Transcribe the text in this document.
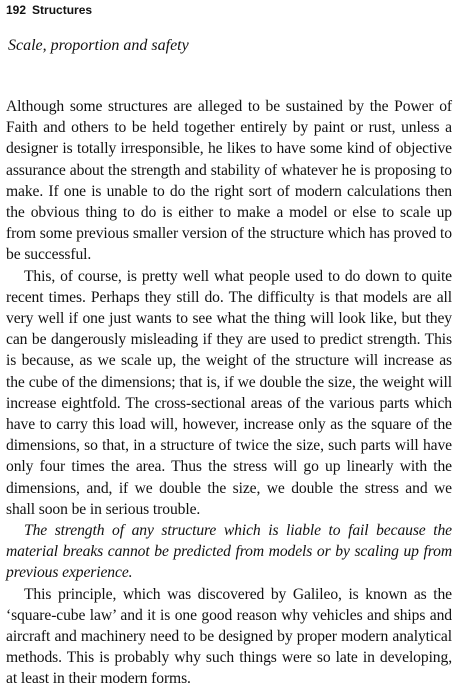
192 Structures
Scale, proportion and safety

Although some structures are alleged to be sustained by the Power of Faith and others to be held together entirely by paint or rust, unless a designer is totally irresponsible, he likes to have some kind of objective assurance about the strength and stability of whatever he is proposing to make. If one is unable to do the right sort of modern calculations then the obvious thing to do is either to make a model or else to scale up from some previous smaller version of the structure which has proved to be successful.

This, of course, is pretty well what people used to do down to quite recent times. Perhaps they still do. The difficulty is that models are all very well if one just wants to see what the thing will look like, but they can be dangerously misleading if they are used to predict strength. This is because, as we scale up, the weight of the structure will increase as the cube of the dimensions; that is, if we double the size, the weight will increase eightfold. The cross-sectional areas of the various parts which have to carry this load will, however, increase only as the square of the dimensions, so that, in a structure of twice the size, such parts will have only four times the area. Thus the stress will go up linearly with the dimensions, and, if we double the size, we double the stress and we shall soon be in serious trouble.

The strength of any structure which is liable to fail because the material breaks cannot be predicted from models or by scaling up from previous experience.

This principle, which was discovered by Galileo, is known as the ‘square-cube law’ and it is one good reason why vehicles and ships and aircraft and machinery need to be designed by proper modern analytical methods. This is probably why such things were so late in developing, at least in their modern forms.
